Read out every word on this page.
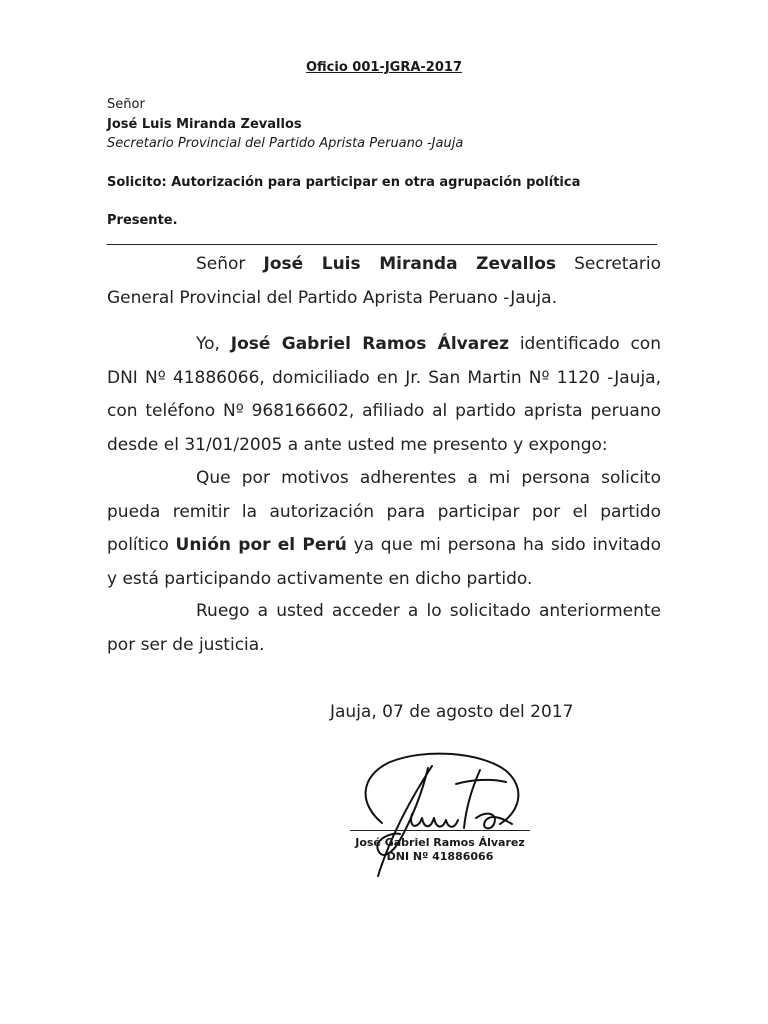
Oficio 001-JGRA-2017
Señor
José Luis Miranda Zevallos
Secretario Provincial del Partido Aprista Peruano -Jauja
Solicito: Autorización para participar en otra agrupación política
Presente.

Señor José Luis Miranda Zevallos Secretario General Provincial del Partido Aprista Peruano -Jauja.

Yo, José Gabriel Ramos Álvarez identificado con DNI Nº 41886066, domiciliado en Jr. San Martin Nº 1120 -Jauja, con teléfono Nº 968166602, afiliado al partido aprista peruano desde el 31/01/2005 a ante usted me presento y expongo:

Que por motivos adherentes a mi persona solicito pueda remitir la autorización para participar por el partido político Unión por el Perú ya que mi persona ha sido invitado y está participando activamente en dicho partido.

Ruego a usted acceder a lo solicitado anteriormente por ser de justicia.

Jauja, 07 de agosto del 2017
José Gabriel Ramos Álvarez
DNI Nº 41886066
